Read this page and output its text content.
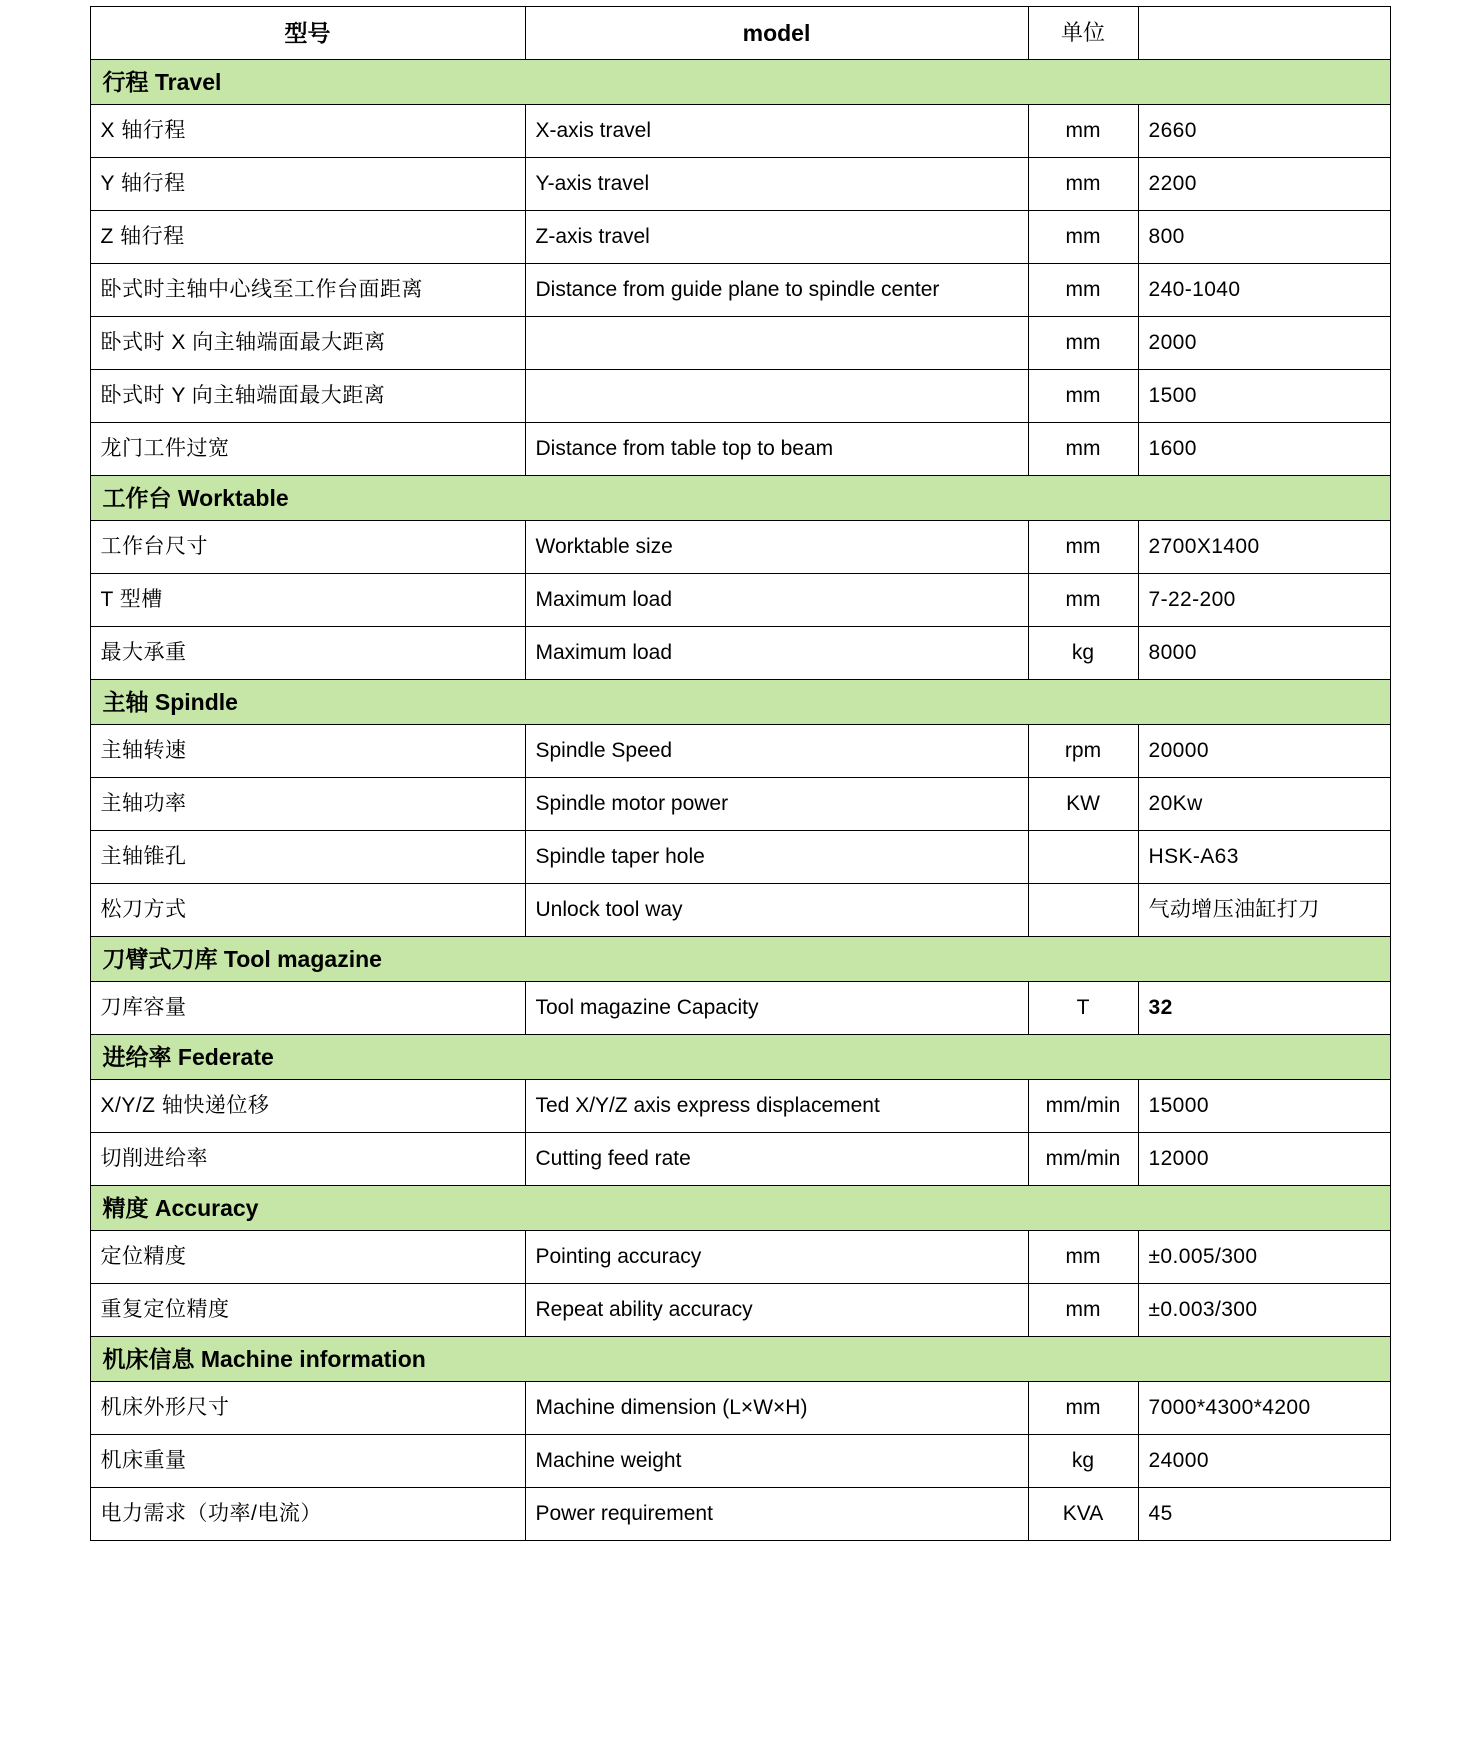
型号	model	单位	
行程 Travel			
X 轴行程	X-axis travel	mm	2660
Y 轴行程	Y-axis travel	mm	2200
Z 轴行程	Z-axis travel	mm	800
卧式时主轴中心线至工作台面距离	Distance from guide plane to spindle center	mm	240-1040
卧式时 X 向主轴端面最大距离		mm	2000
卧式时 Y 向主轴端面最大距离		mm	1500
龙门工件过宽	Distance from table top to beam	mm	1600
工作台 Worktable			
工作台尺寸	Worktable size	mm	2700X1400
T 型槽	Maximum load	mm	7-22-200
最大承重	Maximum load	kg	8000
主轴 Spindle			
主轴转速	Spindle Speed	rpm	20000
主轴功率	Spindle motor power	KW	20Kw
主轴锥孔	Spindle taper hole		HSK-A63
松刀方式	Unlock tool way		气动增压油缸打刀
刀臂式刀库 Tool magazine			
刀库容量	Tool magazine Capacity	T	32
进给率 Federate			
X/Y/Z 轴快递位移	Ted X/Y/Z axis express displacement	mm/min	15000
切削进给率	Cutting feed rate	mm/min	12000
精度 Accuracy			
定位精度	Pointing accuracy	mm	±0.005/300
重复定位精度	Repeat ability accuracy	mm	±0.003/300
机床信息 Machine information			
机床外形尺寸	Machine dimension (L×W×H)	mm	7000*4300*4200
机床重量	Machine weight	kg	24000
电力需求（功率/电流）	Power requirement	KVA	45
